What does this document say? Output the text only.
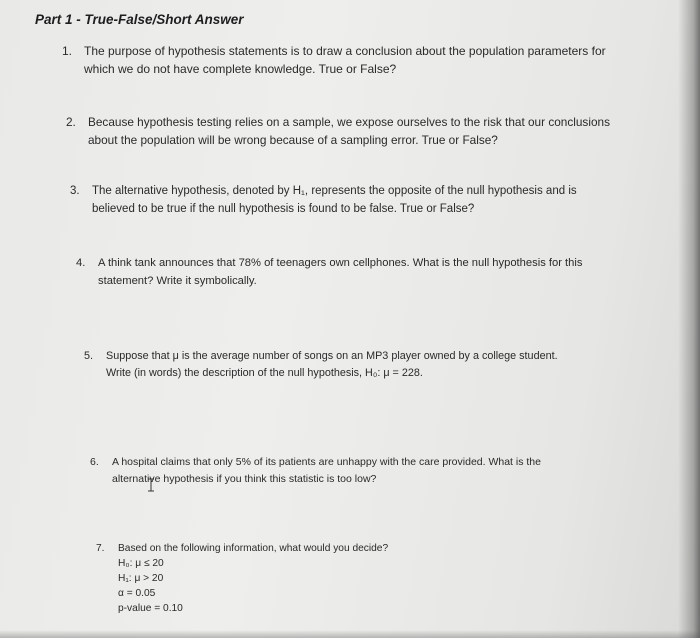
Part 1 - True-False/Short Answer
1. The purpose of hypothesis statements is to draw a conclusion about the population parameters for
which we do not have complete knowledge. True or False?
2. Because hypothesis testing relies on a sample, we expose ourselves to the risk that our conclusions
about the population will be wrong because of a sampling error. True or False?
3. The alternative hypothesis, denoted by H₁, represents the opposite of the null hypothesis and is
believed to be true if the null hypothesis is found to be false. True or False?
4. A think tank announces that 78% of teenagers own cellphones. What is the null hypothesis for this
statement? Write it symbolically.
5. Suppose that μ is the average number of songs on an MP3 player owned by a college student.
Write (in words) the description of the null hypothesis, H₀: μ = 228.
6. A hospital claims that only 5% of its patients are unhappy with the care provided. What is the
alternative hypothesis if you think this statistic is too low?
7. Based on the following information, what would you decide?
H₀: μ ≤ 20
H₁: μ > 20
α = 0.05
p-value = 0.10
